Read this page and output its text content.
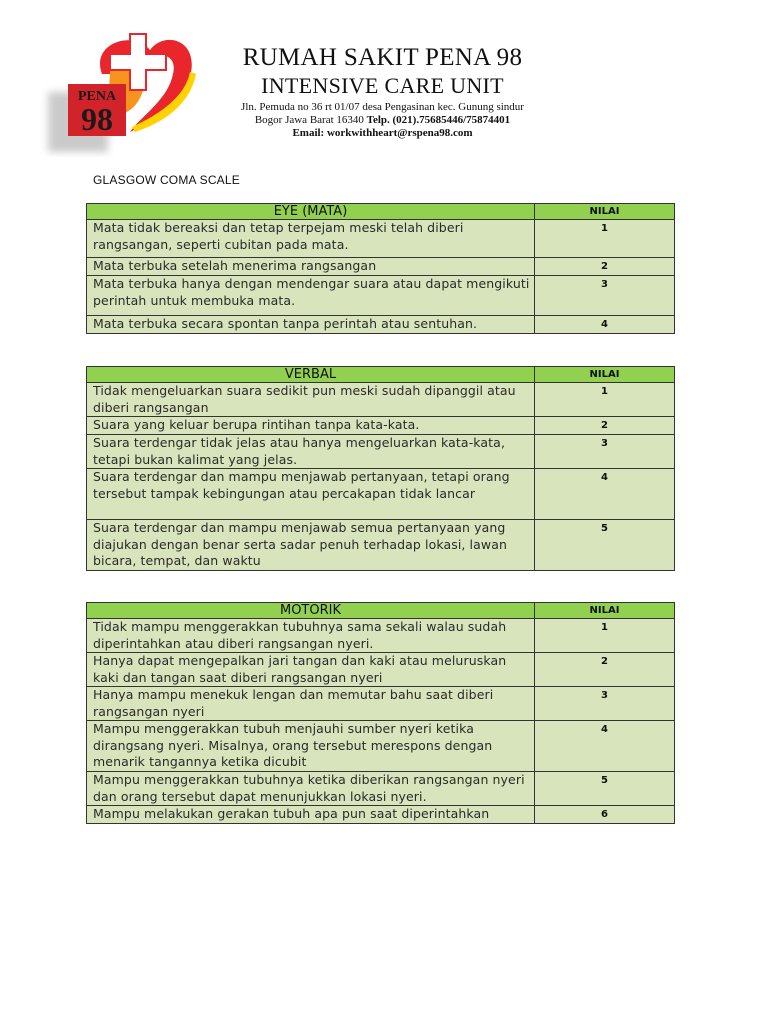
PENA
98
RUMAH SAKIT PENA 98
INTENSIVE CARE UNIT
Jln. Pemuda no 36 rt 01/07 desa Pengasinan kec. Gunung sindur
Bogor Jawa Barat 16340 Telp. (021).75685446/75874401
Email: workwithheart@rspena98.com
GLASGOW COMA SCALE
EYE (MATA)	NILAI
Mata tidak bereaksi dan tetap terpejam meski telah diberi rangsangan, seperti cubitan pada mata.	1
Mata terbuka setelah menerima rangsangan	2
Mata terbuka hanya dengan mendengar suara atau dapat mengikuti perintah untuk membuka mata.	3
Mata terbuka secara spontan tanpa perintah atau sentuhan.	4
VERBAL	NILAI
Tidak mengeluarkan suara sedikit pun meski sudah dipanggil atau diberi rangsangan	1
Suara yang keluar berupa rintihan tanpa kata-kata.	2
Suara terdengar tidak jelas atau hanya mengeluarkan kata-kata, tetapi bukan kalimat yang jelas.	3
Suara terdengar dan mampu menjawab pertanyaan, tetapi orang tersebut tampak kebingungan atau percakapan tidak lancar	4
Suara terdengar dan mampu menjawab semua pertanyaan yang diajukan dengan benar serta sadar penuh terhadap lokasi, lawan bicara, tempat, dan waktu	5
MOTORIK	NILAI
Tidak mampu menggerakkan tubuhnya sama sekali walau sudah diperintahkan atau diberi rangsangan nyeri.	1
Hanya dapat mengepalkan jari tangan dan kaki atau meluruskan kaki dan tangan saat diberi rangsangan nyeri	2
Hanya mampu menekuk lengan dan memutar bahu saat diberi rangsangan nyeri	3
Mampu menggerakkan tubuh menjauhi sumber nyeri ketika dirangsang nyeri. Misalnya, orang tersebut merespons dengan menarik tangannya ketika dicubit	4
Mampu menggerakkan tubuhnya ketika diberikan rangsangan nyeri dan orang tersebut dapat menunjukkan lokasi nyeri.	5
Mampu melakukan gerakan tubuh apa pun saat diperintahkan	6
